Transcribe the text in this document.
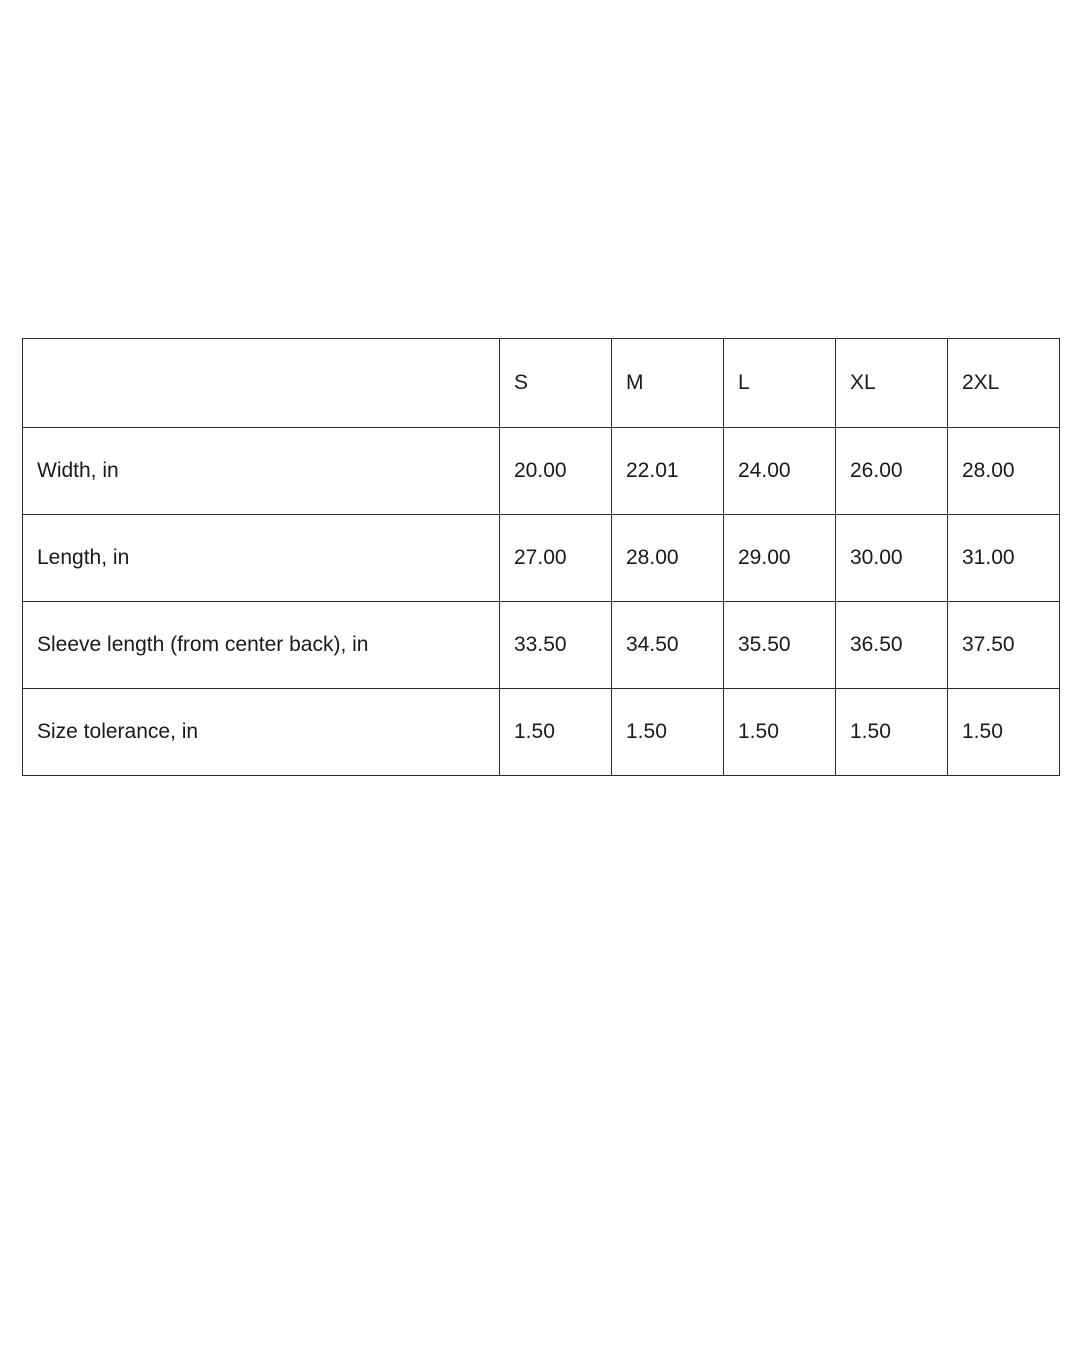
	S	M	L	XL	2XL
Width, in	20.00	22.01	24.00	26.00	28.00
Length, in	27.00	28.00	29.00	30.00	31.00
Sleeve length (from center back), in	33.50	34.50	35.50	36.50	37.50
Size tolerance, in	1.50	1.50	1.50	1.50	1.50
